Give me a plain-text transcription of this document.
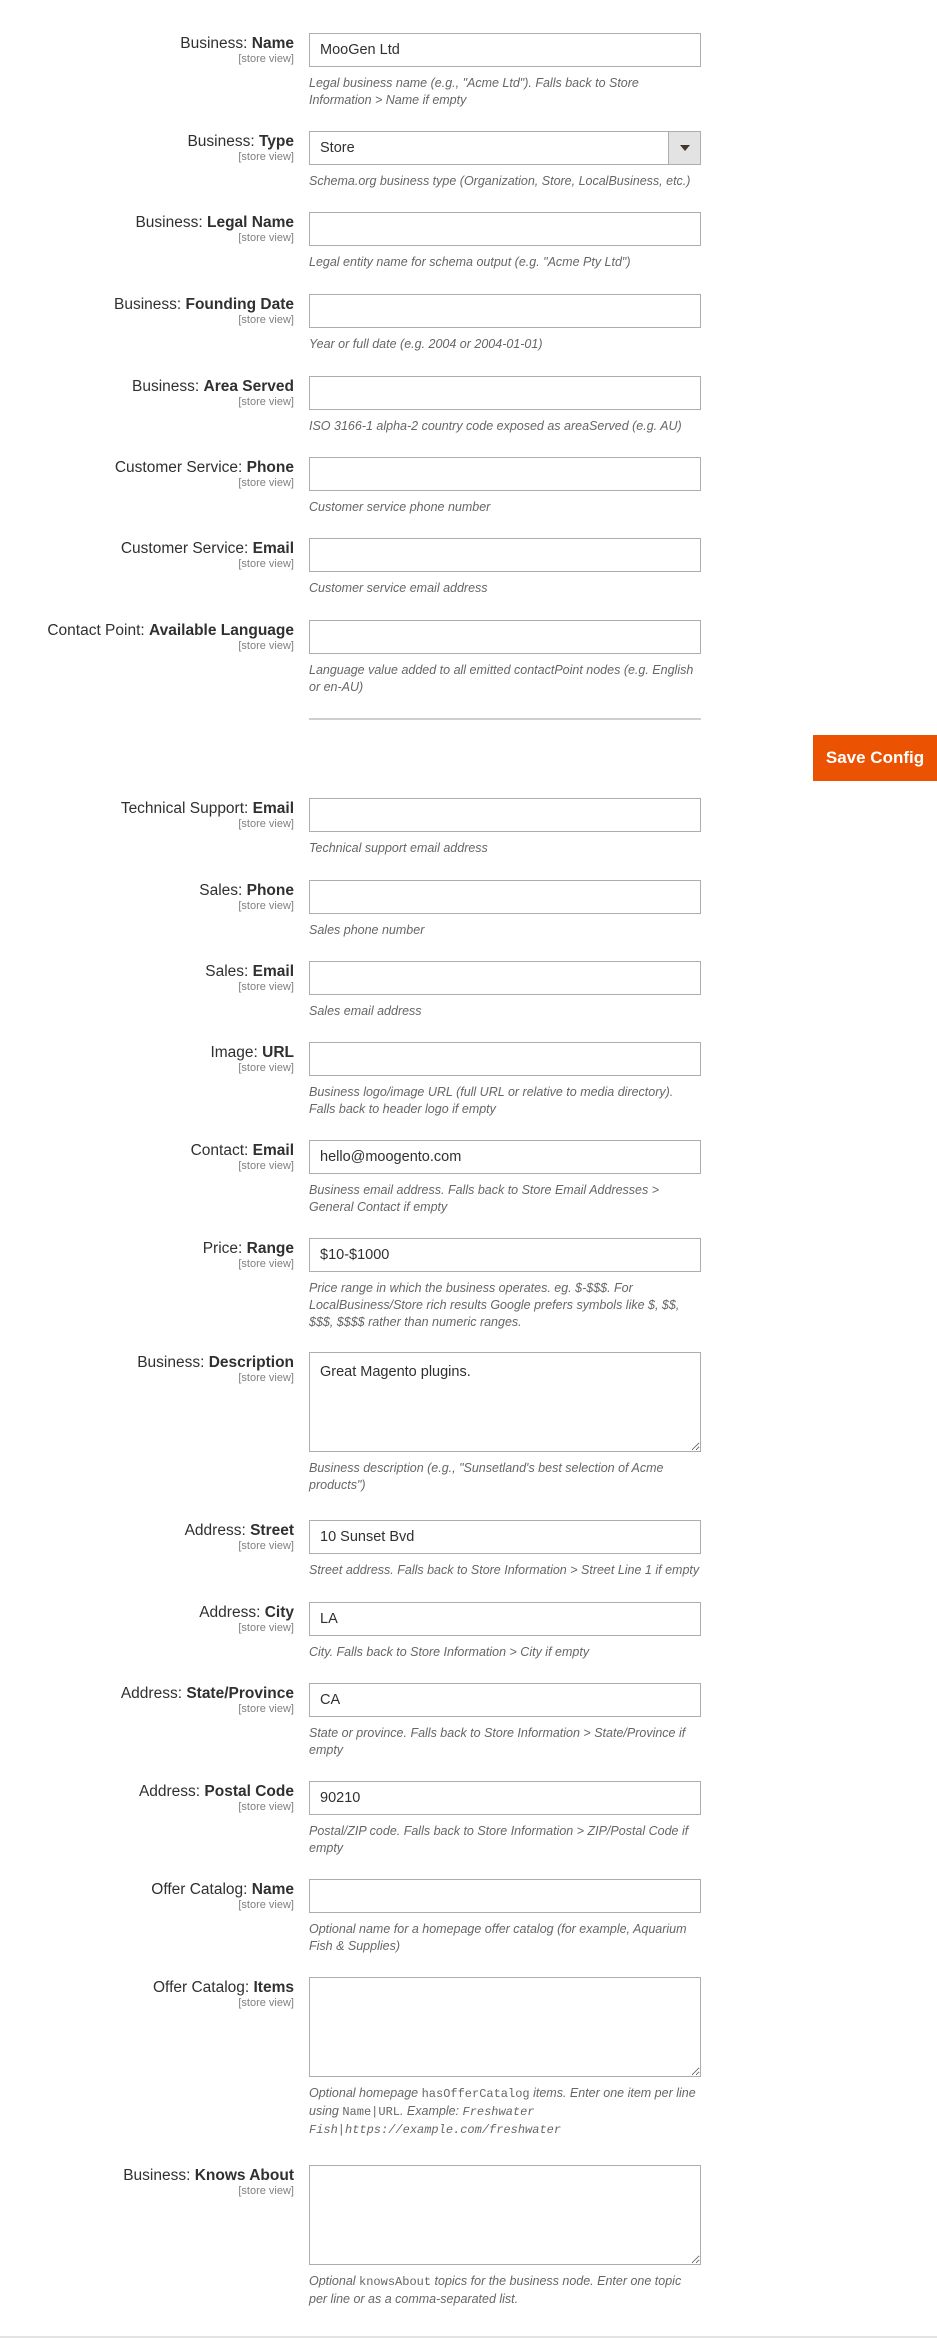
Business: Name
[store view]
MooGen Ltd
Legal business name (e.g., "Acme Ltd"). Falls back to Store Information > Name if empty
Business: Type
[store view]
Store
Schema.org business type (Organization, Store, LocalBusiness, etc.)
Business: Legal Name
[store view]
Legal entity name for schema output (e.g. "Acme Pty Ltd")
Business: Founding Date
[store view]
Year or full date (e.g. 2004 or 2004-01-01)
Business: Area Served
[store view]
ISO 3166-1 alpha-2 country code exposed as areaServed (e.g. AU)
Customer Service: Phone
[store view]
Customer service phone number
Customer Service: Email
[store view]
Customer service email address
Contact Point: Available Language
[store view]
Language value added to all emitted contactPoint nodes (e.g. English or en-AU)
Save Config
Technical Support: Email
[store view]
Technical support email address
Sales: Phone
[store view]
Sales phone number
Sales: Email
[store view]
Sales email address
Image: URL
[store view]
Business logo/image URL (full URL or relative to media directory). Falls back to header logo if empty
Contact: Email
[store view]
hello@moogento.com
Business email address. Falls back to Store Email Addresses > General Contact if empty
Price: Range
[store view]
$10-$1000
Price range in which the business operates. eg. $-$$$. For LocalBusiness/Store rich results Google prefers symbols like $, $$, $$$, $$$$ rather than numeric ranges.
Business: Description
[store view]
Great Magento plugins.
Business description (e.g., "Sunsetland's best selection of Acme products")
Address: Street
[store view]
10 Sunset Bvd
Street address. Falls back to Store Information > Street Line 1 if empty
Address: City
[store view]
LA
City. Falls back to Store Information > City if empty
Address: State/Province
[store view]
CA
State or province. Falls back to Store Information > State/Province if empty
Address: Postal Code
[store view]
90210
Postal/ZIP code. Falls back to Store Information > ZIP/Postal Code if empty
Offer Catalog: Name
[store view]
Optional name for a homepage offer catalog (for example, Aquarium Fish & Supplies)
Offer Catalog: Items
[store view]
Optional homepage hasOfferCatalog items. Enter one item per line using Name|URL. Example: Freshwater Fish|https://example.com/freshwater
Business: Knows About
[store view]
Optional knowsAbout topics for the business node. Enter one topic per line or as a comma-separated list.
